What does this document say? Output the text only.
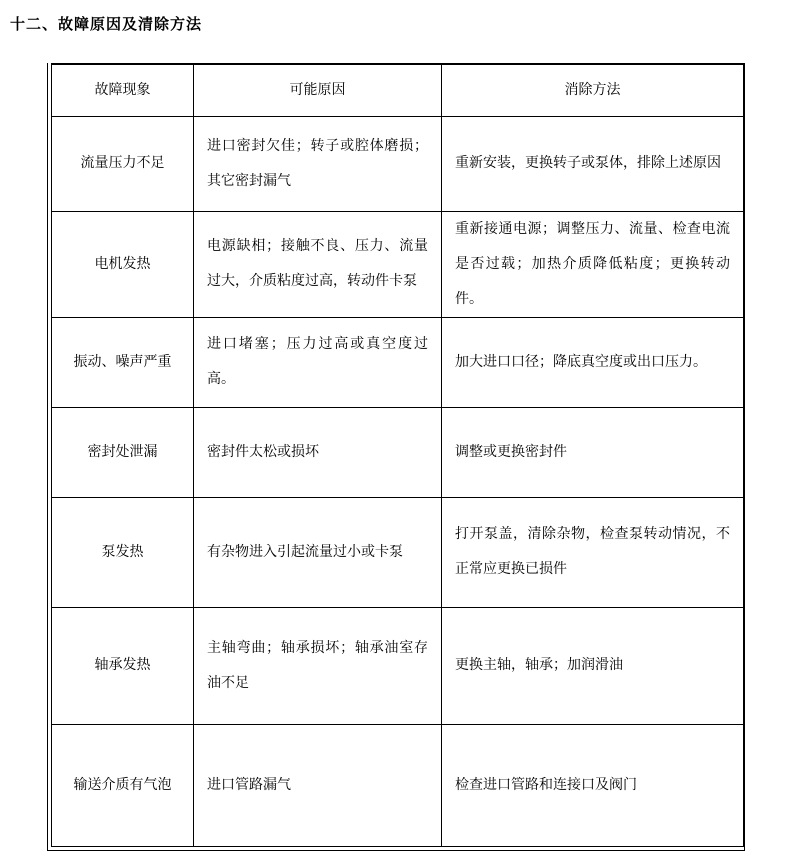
十二、故障原因及清除方法
故障现象	可能原因	消除方法
流量压力不足	进口密封欠佳；转子或腔体磨损；其它密封漏气	重新安装，更换转子或泵体，排除上述原因
电机发热	电源缺相；接触不良、压力、流量过大，介质粘度过高，转动件卡泵	重新接通电源；调整压力、流量、检查电流是否过载；加热介质降低粘度；更换转动件。
振动、噪声严重	进口堵塞；压力过高或真空度过高。	加大进口口径；降底真空度或出口压力。
密封处泄漏	密封件太松或损坏	调整或更换密封件
泵发热	有杂物进入引起流量过小或卡泵	打开泵盖，清除杂物，检查泵转动情况，不正常应更换已损件
轴承发热	主轴弯曲；轴承损坏；轴承油室存油不足	更换主轴，轴承；加润滑油
输送介质有气泡	进口管路漏气	检查进口管路和连接口及阀门
